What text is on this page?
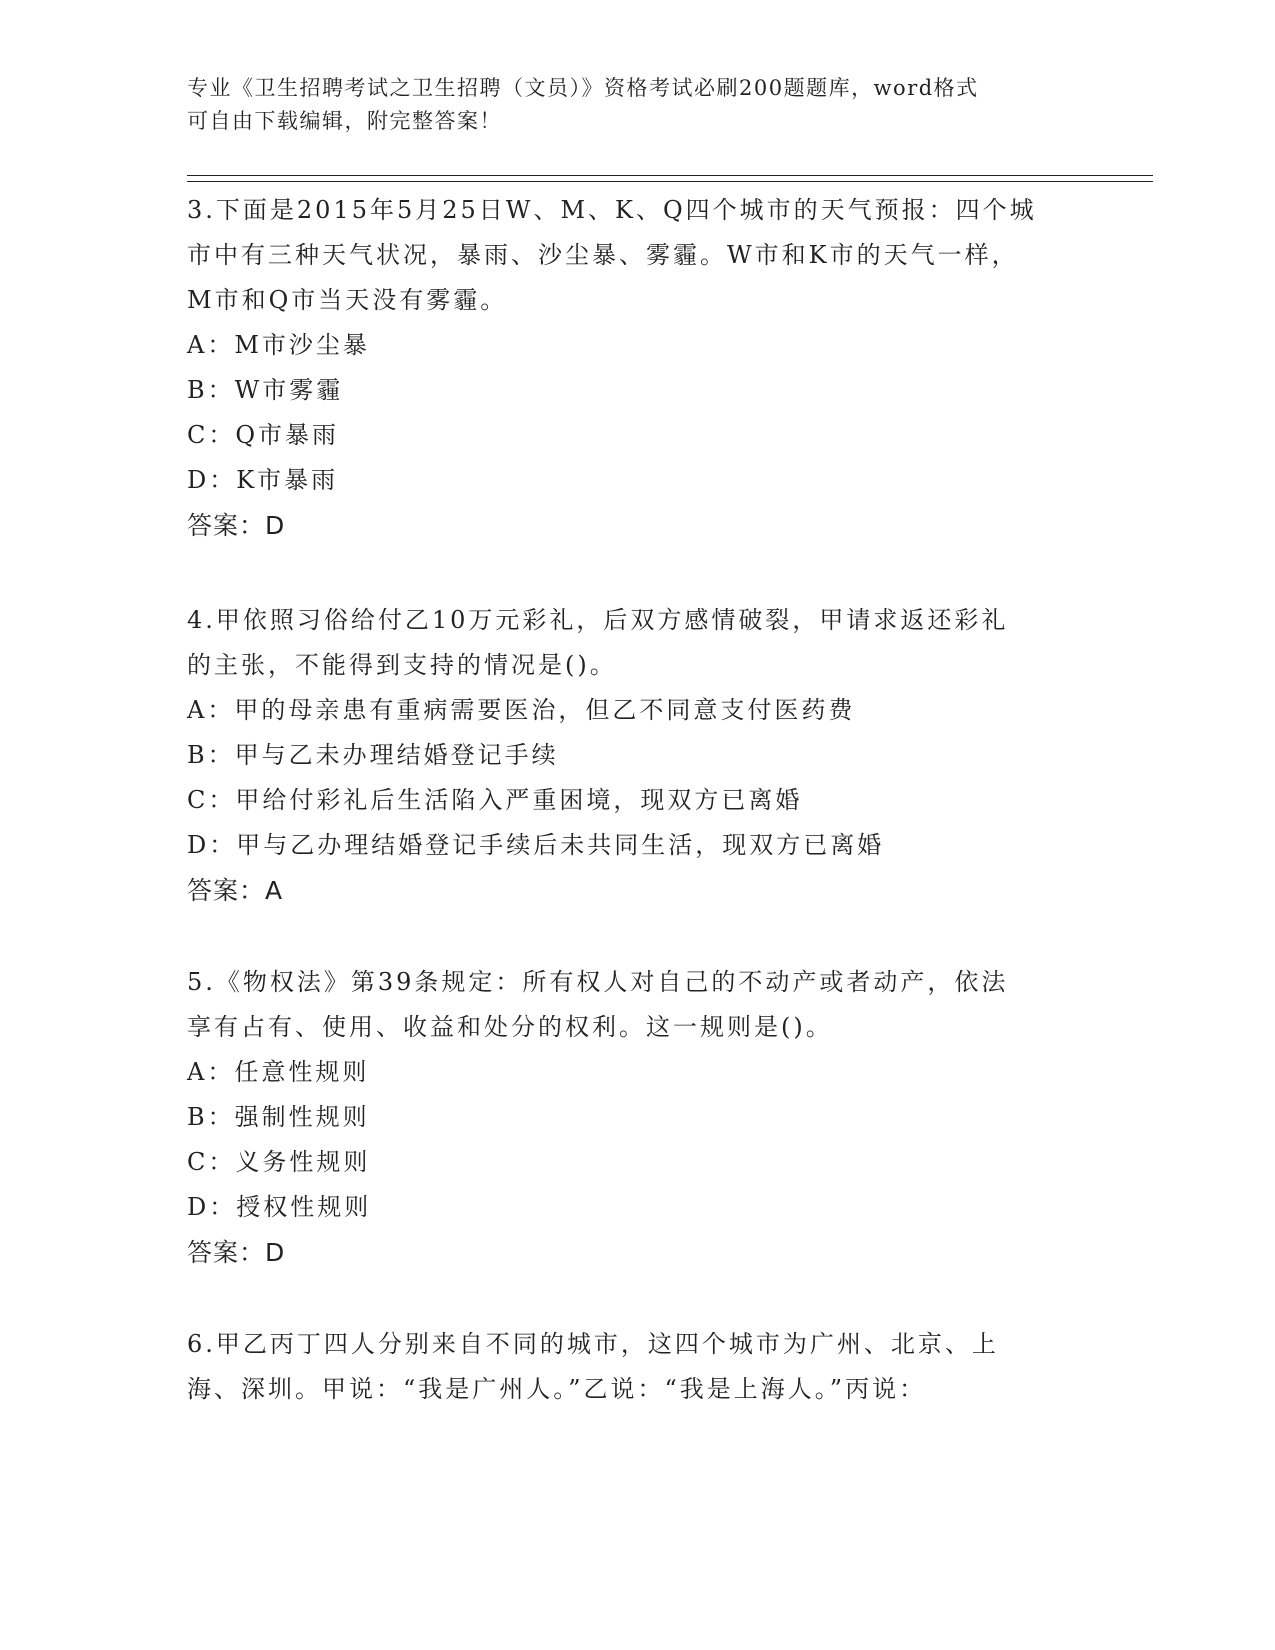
专业《卫生招聘考试之卫生招聘（文员）》资格考试必刷200题题库，word格式
可自由下载编辑，附完整答案！

3.下面是2015年5月25日W、M、K、Q四个城市的天气预报：四个城

市中有三种天气状况，暴雨、沙尘暴、雾霾。W市和K市的天气一样，

M市和Q市当天没有雾霾。

A：M市沙尘暴

B：W市雾霾

C：Q市暴雨

D：K市暴雨

答案：D

4.甲依照习俗给付乙10万元彩礼，后双方感情破裂，甲请求返还彩礼

的主张，不能得到支持的情况是()。

A：甲的母亲患有重病需要医治，但乙不同意支付医药费

B：甲与乙未办理结婚登记手续

C：甲给付彩礼后生活陷入严重困境，现双方已离婚

D：甲与乙办理结婚登记手续后未共同生活，现双方已离婚

答案：A

5.《物权法》第39条规定：所有权人对自己的不动产或者动产，依法

享有占有、使用、收益和处分的权利。这一规则是()。

A：任意性规则

B：强制性规则

C：义务性规则

D：授权性规则

答案：D

6.甲乙丙丁四人分别来自不同的城市，这四个城市为广州、北京、上

海、深圳。甲说：“我是广州人。”乙说：“我是上海人。”丙说：
